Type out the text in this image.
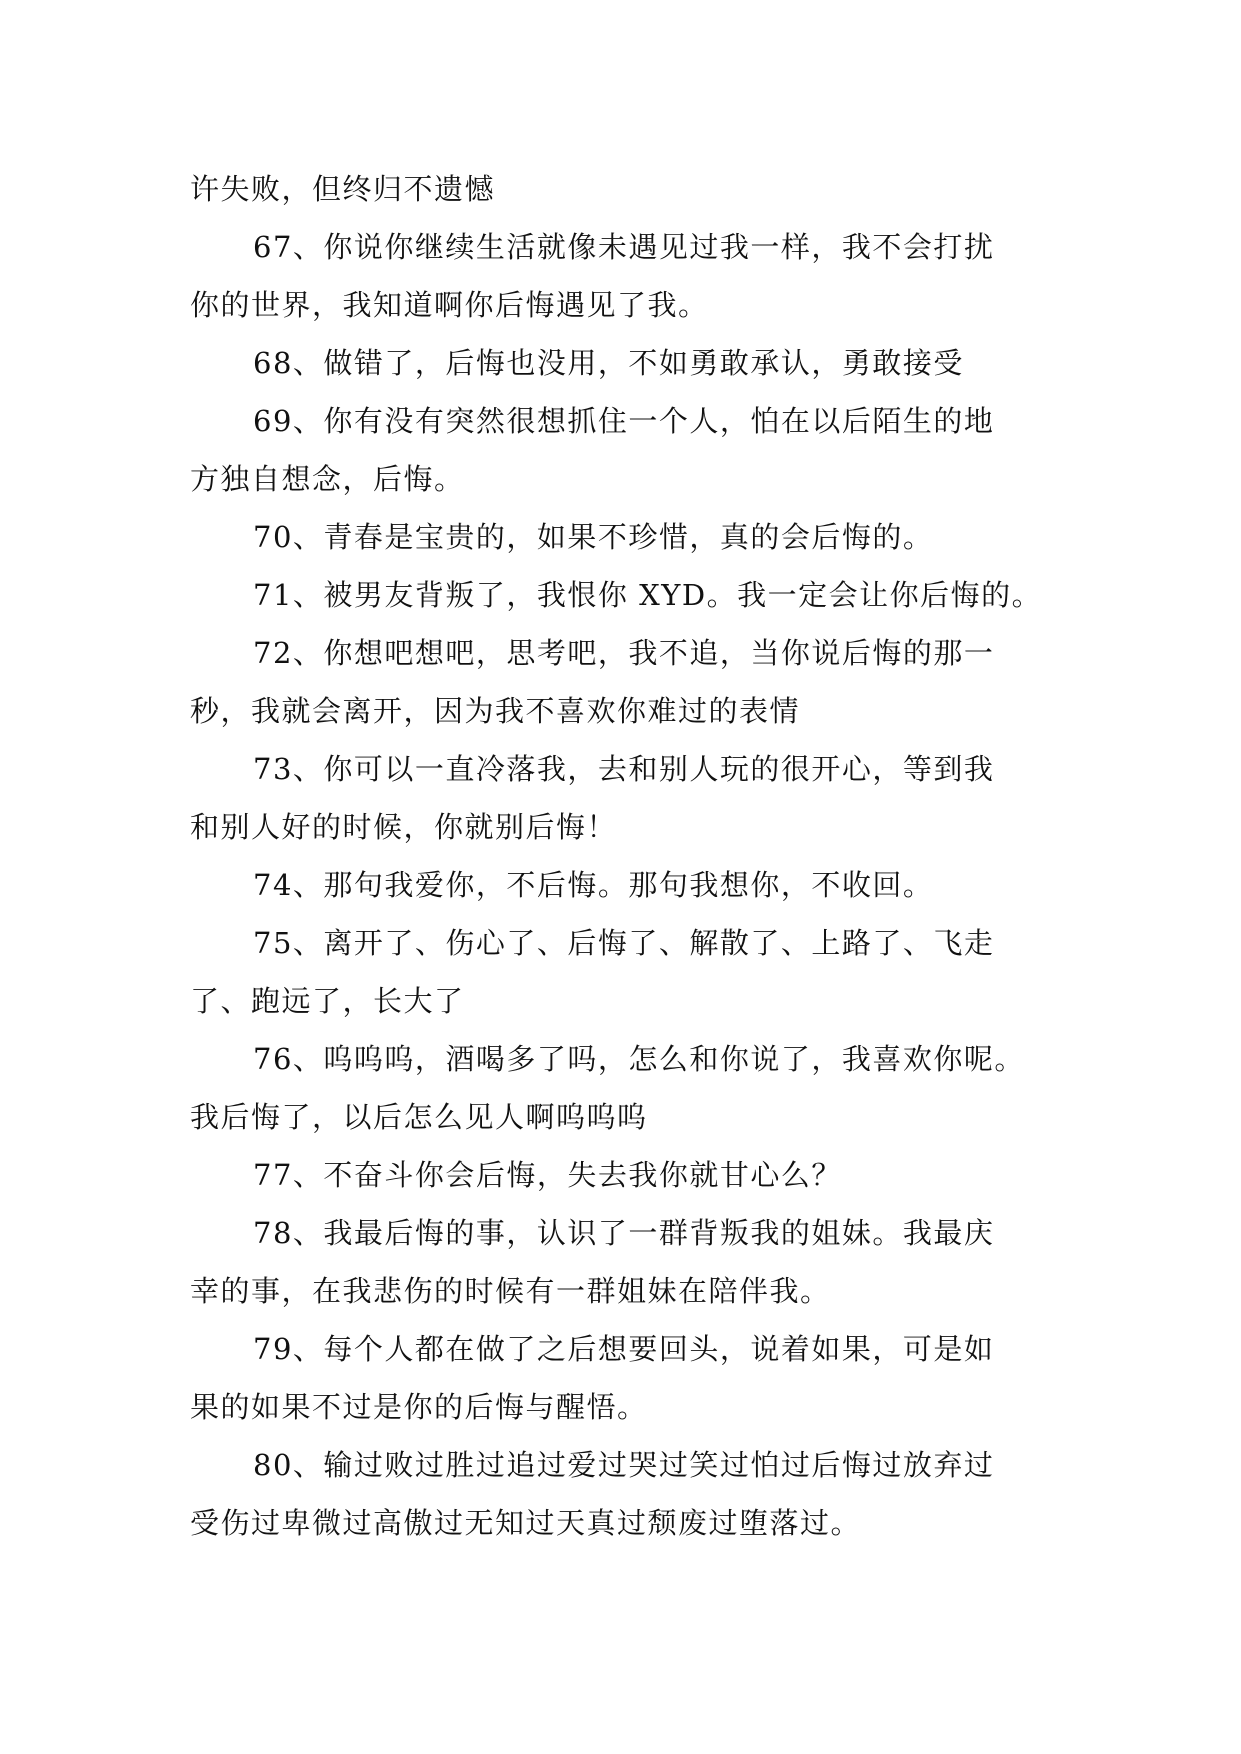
许失败，但终归不遗憾
67、你说你继续生活就像未遇见过我一样，我不会打扰
你的世界，我知道啊你后悔遇见了我。
68、做错了，后悔也没用，不如勇敢承认，勇敢接受
69、你有没有突然很想抓住一个人，怕在以后陌生的地
方独自想念，后悔。
70、青春是宝贵的，如果不珍惜，真的会后悔的。
71、被男友背叛了，我恨你 XYD。我一定会让你后悔的。
72、你想吧想吧，思考吧，我不追，当你说后悔的那一
秒，我就会离开，因为我不喜欢你难过的表情
73、你可以一直冷落我，去和别人玩的很开心，等到我
和别人好的时候，你就别后悔！
74、那句我爱你，不后悔。那句我想你，不收回。
75、离开了、伤心了、后悔了、解散了、上路了、飞走
了、跑远了，长大了
76、呜呜呜，酒喝多了吗，怎么和你说了，我喜欢你呢。
我后悔了，以后怎么见人啊呜呜呜
77、不奋斗你会后悔，失去我你就甘心么？
78、我最后悔的事，认识了一群背叛我的姐妹。我最庆
幸的事，在我悲伤的时候有一群姐妹在陪伴我。
79、每个人都在做了之后想要回头，说着如果，可是如
果的如果不过是你的后悔与醒悟。
80、输过败过胜过追过爱过哭过笑过怕过后悔过放弃过
受伤过卑微过高傲过无知过天真过颓废过堕落过。
